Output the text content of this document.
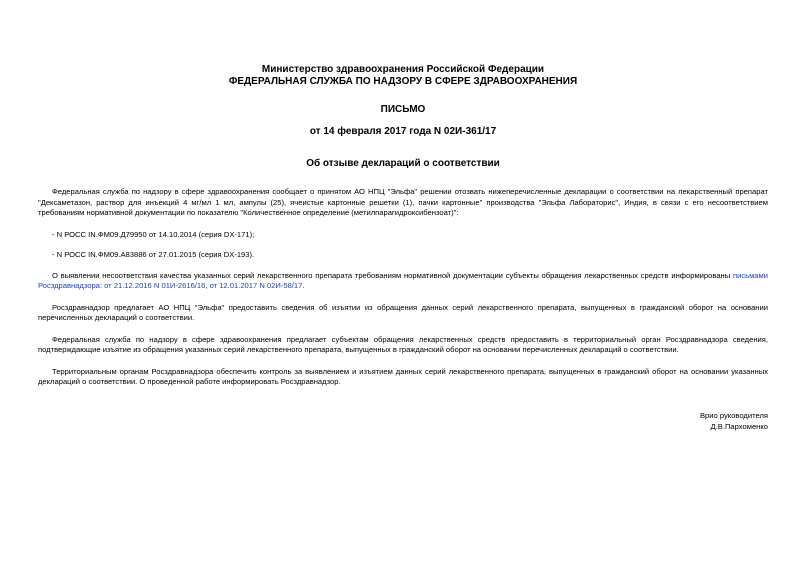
Министерство здравоохранения Российской Федерации
ФЕДЕРАЛЬНАЯ СЛУЖБА ПО НАДЗОРУ В СФЕРЕ ЗДРАВООХРАНЕНИЯ
ПИСЬМО
от 14 февраля 2017 года N 02И-361/17
Об отзыве деклараций о соответствии

Федеральная служба по надзору в сфере здравоохранения сообщает о принятом АО НПЦ "Эльфа" решении отозвать нижеперечисленные декларации о соответствии на лекарственный препарат "Дексаметазон, раствор для инъекций 4 мг/мл 1 мл, ампулы (25), ячеистые картонные решетки (1), пачки картонные" производства "Эльфа Лабораторис", Индия, в связи с его несоответствием требованиям нормативной документации по показателю "Количественное определение (метилпарагидроксибензоат)":

- N РОСС IN.ФМ09.Д79950 от 14.10.2014 (серия DX-171);

- N РОСС IN.ФМ09.А83886 от 27.01.2015 (серия DX-193).

О выявлении несоответствия качества указанных серий лекарственного препарата требованиям нормативной документации субъекты обращения лекарственных средств информированы письмами Росздравнадзора: от 21.12.2016 N 01И-2616/16, от 12.01.2017 N 02И-58/17.

Росздравнадзор предлагает АО НПЦ "Эльфа" предоставить сведения об изъятии из обращения данных серий лекарственного препарата, выпущенных в гражданский оборот на основании перечисленных деклараций о соответствии.

Федеральная служба по надзору в сфере здравоохранения предлагает субъектам обращения лекарственных средств предоставить в территориальный орган Росздравнадзора сведения, подтверждающие изъятие из обращения указанных серий лекарственного препарата, выпущенных в гражданский оборот на основании перечисленных деклараций о соответствии.

Территориальным органам Росздравнадзора обеспечить контроль за выявлением и изъятием данных серий лекарственного препарата, выпущенных в гражданский оборот на основании указанных деклараций о соответствии. О проведенной работе информировать Росздравнадзор.

Врио руководителя
Д.В.Пархоменко
